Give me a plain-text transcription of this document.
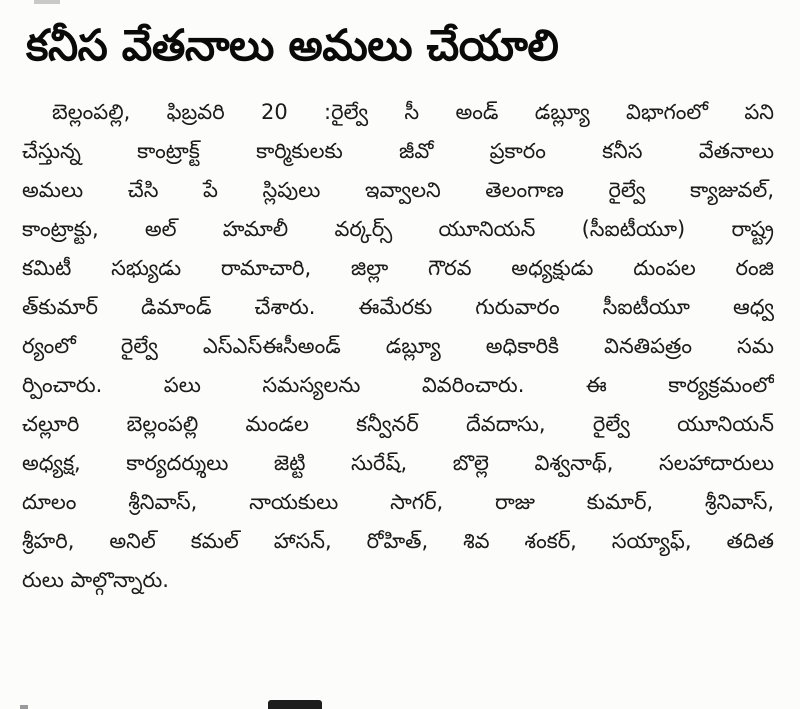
కనీస వేతనాలు అమలు చేయాలి
బెల్లంపల్లి, ఫిబ్రవరి 20 :రైల్వే సీ అండ్ డబ్ల్యూ విభాగంలో పని
చేస్తున్న కాంట్రాక్ట్ కార్మికులకు జీవో ప్రకారం కనీస వేతనాలు
అమలు చేసి పే స్లిపులు ఇవ్వాలని తెలంగాణ రైల్వే క్యాజువల్,
కాంట్రాక్టు, అల్ హమాలీ వర్కర్స్ యూనియన్ (సీఐటీయూ) రాష్ట్ర
కమిటీ సభ్యుడు రామాచారి, జిల్లా గౌరవ అధ్యక్షుడు దుంపల రంజి
త్‌కుమార్ డిమాండ్ చేశారు. ఈమేరకు గురువారం సీఐటీయూ ఆధ్వ
ర్యంలో రైల్వే ఎస్ఎస్ఈసీఅండ్ డబ్ల్యూ అధికారికి వినతిపత్రం సమ
ర్పించారు. పలు సమస్యలను వివరించారు. ఈ కార్యక్రమంలో
చల్లూరి బెల్లంపల్లి మండల కన్వీనర్ దేవదాసు, రైల్వే యూనియన్
అధ్యక్ష, కార్యదర్శులు జెట్టి సురేష్, బొల్లె విశ్వనాథ్, సలహాదారులు
దూలం శ్రీనివాస్, నాయకులు సాగర్, రాజు కుమార్, శ్రీనివాస్,
శ్రీహరి, అనిల్ కమల్ హాసన్, రోహిత్, శివ శంకర్, సయ్యాఫ్, తదిత
రులు పాల్గొన్నారు.
